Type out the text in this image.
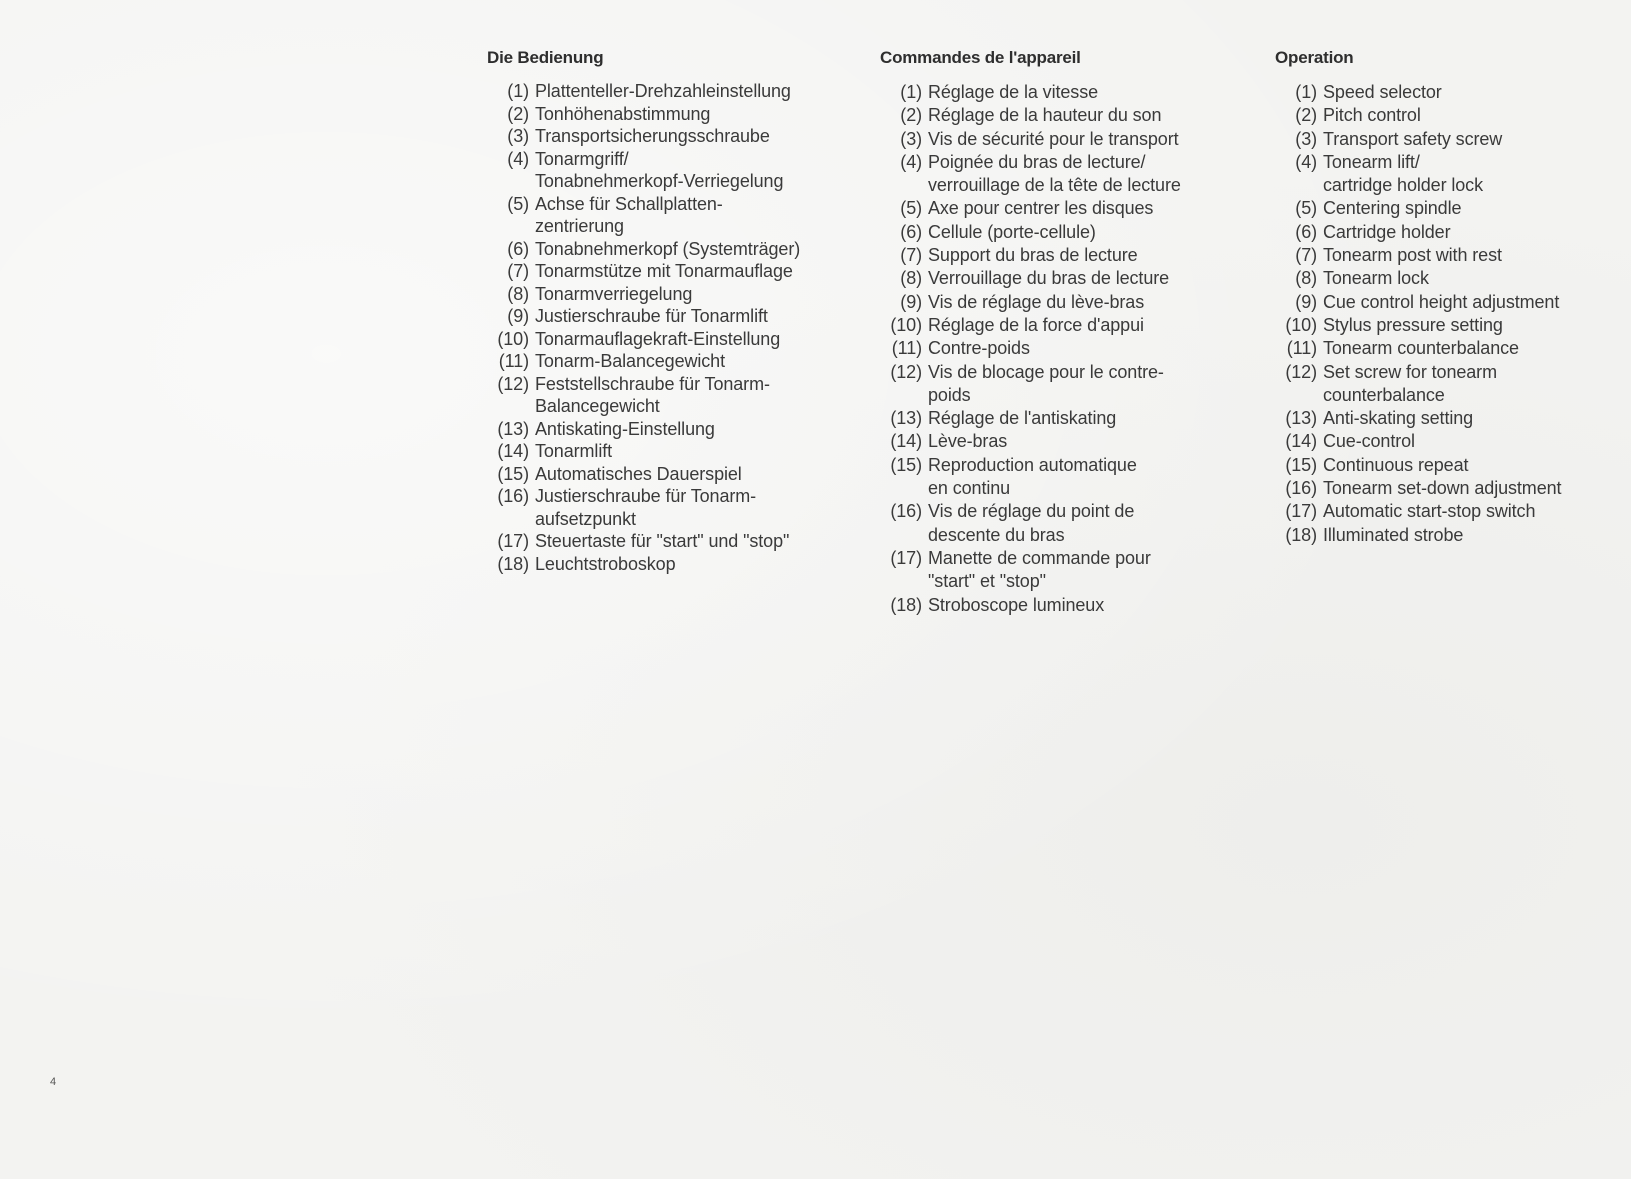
Die Bedienung
(1) Plattenteller-Drehzahleinstellung
(2) Tonhöhenabstimmung
(3) Transportsicherungsschraube
(4) Tonarmgriff/
Tonabnehmerkopf-Verriegelung
(5) Achse für Schallplatten-
zentrierung
(6) Tonabnehmerkopf (Systemträger)
(7) Tonarmstütze mit Tonarmauflage
(8) Tonarmverriegelung
(9) Justierschraube für Tonarmlift
(10) Tonarmauflagekraft-Einstellung
(11) Tonarm-Balancegewicht
(12) Feststellschraube für Tonarm-
Balancegewicht
(13) Antiskating-Einstellung
(14) Tonarmlift
(15) Automatisches Dauerspiel
(16) Justierschraube für Tonarm-
aufsetzpunkt
(17) Steuertaste für "start" und "stop"
(18) Leuchtstroboskop
Commandes de l'appareil
(1) Réglage de la vitesse
(2) Réglage de la hauteur du son
(3) Vis de sécurité pour le transport
(4) Poignée du bras de lecture/
verrouillage de la tête de lecture
(5) Axe pour centrer les disques
(6) Cellule (porte-cellule)
(7) Support du bras de lecture
(8) Verrouillage du bras de lecture
(9) Vis de réglage du lève-bras
(10) Réglage de la force d'appui
(11) Contre-poids
(12) Vis de blocage pour le contre-
poids
(13) Réglage de l'antiskating
(14) Lève-bras
(15) Reproduction automatique
en continu
(16) Vis de réglage du point de
descente du bras
(17) Manette de commande pour
"start" et "stop"
(18) Stroboscope lumineux
Operation
(1) Speed selector
(2) Pitch control
(3) Transport safety screw
(4) Tonearm lift/
cartridge holder lock
(5) Centering spindle
(6) Cartridge holder
(7) Tonearm post with rest
(8) Tonearm lock
(9) Cue control height adjustment
(10) Stylus pressure setting
(11) Tonearm counterbalance
(12) Set screw for tonearm
counterbalance
(13) Anti-skating setting
(14) Cue-control
(15) Continuous repeat
(16) Tonearm set-down adjustment
(17) Automatic start-stop switch
(18) Illuminated strobe
4
